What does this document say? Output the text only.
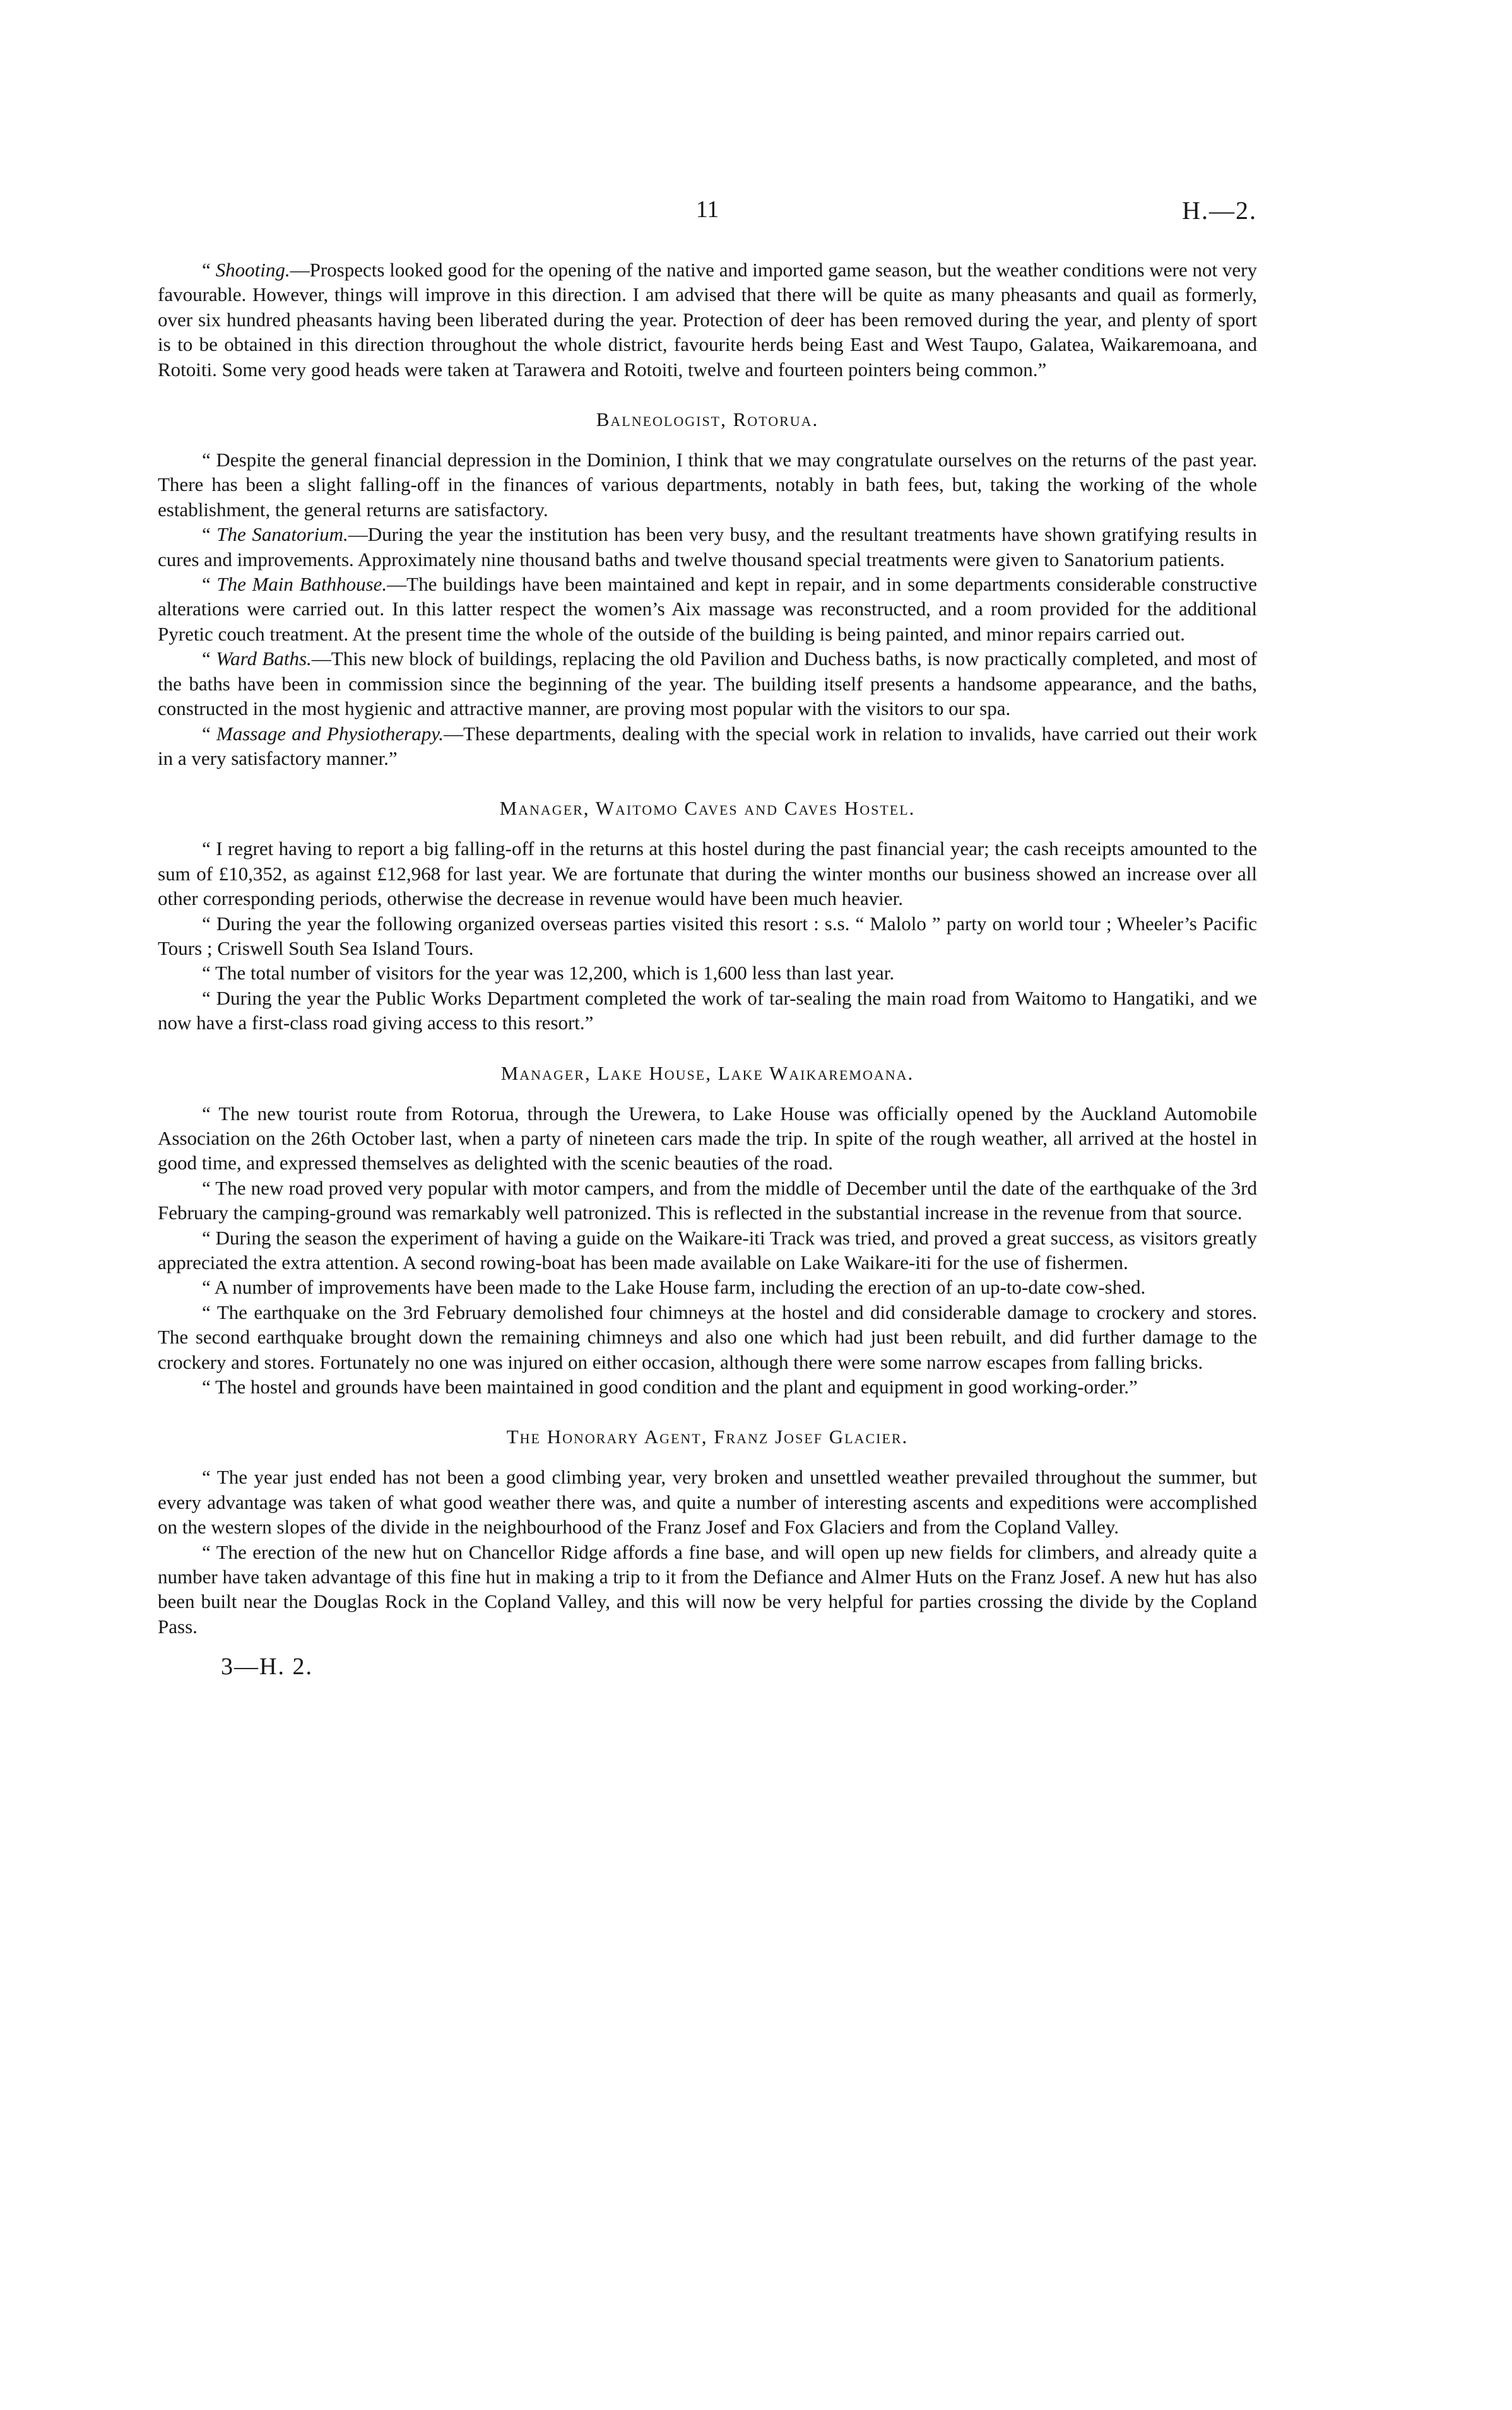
11	H.—2.

“ Shooting.—Prospects looked good for the opening of the native and imported game season, but the weather conditions were not very favourable. However, things will improve in this direction. I am advised that there will be quite as many pheasants and quail as formerly, over six hundred pheasants having been liberated during the year. Protection of deer has been removed during the year, and plenty of sport is to be obtained in this direction throughout the whole district, favourite herds being East and West Taupo, Galatea, Waikaremoana, and Rotoiti. Some very good heads were taken at Tarawera and Rotoiti, twelve and fourteen pointers being common.”

Balneologist, Rotorua.

“ Despite the general financial depression in the Dominion, I think that we may congratulate ourselves on the returns of the past year. There has been a slight falling-off in the finances of various departments, notably in bath fees, but, taking the working of the whole establishment, the general returns are satisfactory.

“ The Sanatorium.—During the year the institution has been very busy, and the resultant treatments have shown gratifying results in cures and improvements. Approximately nine thousand baths and twelve thousand special treatments were given to Sanatorium patients.

“ The Main Bathhouse.—The buildings have been maintained and kept in repair, and in some departments considerable constructive alterations were carried out. In this latter respect the women’s Aix massage was reconstructed, and a room provided for the additional Pyretic couch treatment. At the present time the whole of the outside of the building is being painted, and minor repairs carried out.

“ Ward Baths.—This new block of buildings, replacing the old Pavilion and Duchess baths, is now practically completed, and most of the baths have been in commission since the beginning of the year. The building itself presents a handsome appearance, and the baths, constructed in the most hygienic and attractive manner, are proving most popular with the visitors to our spa.

“ Massage and Physiotherapy.—These departments, dealing with the special work in relation to invalids, have carried out their work in a very satisfactory manner.”

Manager, Waitomo Caves and Caves Hostel.

“ I regret having to report a big falling-off in the returns at this hostel during the past financial year; the cash receipts amounted to the sum of £10,352, as against £12,968 for last year. We are fortunate that during the winter months our business showed an increase over all other corresponding periods, otherwise the decrease in revenue would have been much heavier.

“ During the year the following organized overseas parties visited this resort : s.s. “ Malolo ” party on world tour ; Wheeler’s Pacific Tours ; Criswell South Sea Island Tours.

“ The total number of visitors for the year was 12,200, which is 1,600 less than last year.

“ During the year the Public Works Department completed the work of tar-sealing the main road from Waitomo to Hangatiki, and we now have a first-class road giving access to this resort.”

Manager, Lake House, Lake Waikaremoana.

“ The new tourist route from Rotorua, through the Urewera, to Lake House was officially opened by the Auckland Automobile Association on the 26th October last, when a party of nineteen cars made the trip. In spite of the rough weather, all arrived at the hostel in good time, and expressed themselves as delighted with the scenic beauties of the road.

“ The new road proved very popular with motor campers, and from the middle of December until the date of the earthquake of the 3rd February the camping-ground was remarkably well patronized. This is reflected in the substantial increase in the revenue from that source.

“ During the season the experiment of having a guide on the Waikare-iti Track was tried, and proved a great success, as visitors greatly appreciated the extra attention. A second rowing-boat has been made available on Lake Waikare-iti for the use of fishermen.

“ A number of improvements have been made to the Lake House farm, including the erection of an up-to-date cow-shed.

“ The earthquake on the 3rd February demolished four chimneys at the hostel and did considerable damage to crockery and stores. The second earthquake brought down the remaining chimneys and also one which had just been rebuilt, and did further damage to the crockery and stores. Fortunately no one was injured on either occasion, although there were some narrow escapes from falling bricks.

“ The hostel and grounds have been maintained in good condition and the plant and equipment in good working-order.”

The Honorary Agent, Franz Josef Glacier.

“ The year just ended has not been a good climbing year, very broken and unsettled weather prevailed throughout the summer, but every advantage was taken of what good weather there was, and quite a number of interesting ascents and expeditions were accomplished on the western slopes of the divide in the neighbourhood of the Franz Josef and Fox Glaciers and from the Copland Valley.

“ The erection of the new hut on Chancellor Ridge affords a fine base, and will open up new fields for climbers, and already quite a number have taken advantage of this fine hut in making a trip to it from the Defiance and Almer Huts on the Franz Josef. A new hut has also been built near the Douglas Rock in the Copland Valley, and this will now be very helpful for parties crossing the divide by the Copland Pass.

3—H. 2.
